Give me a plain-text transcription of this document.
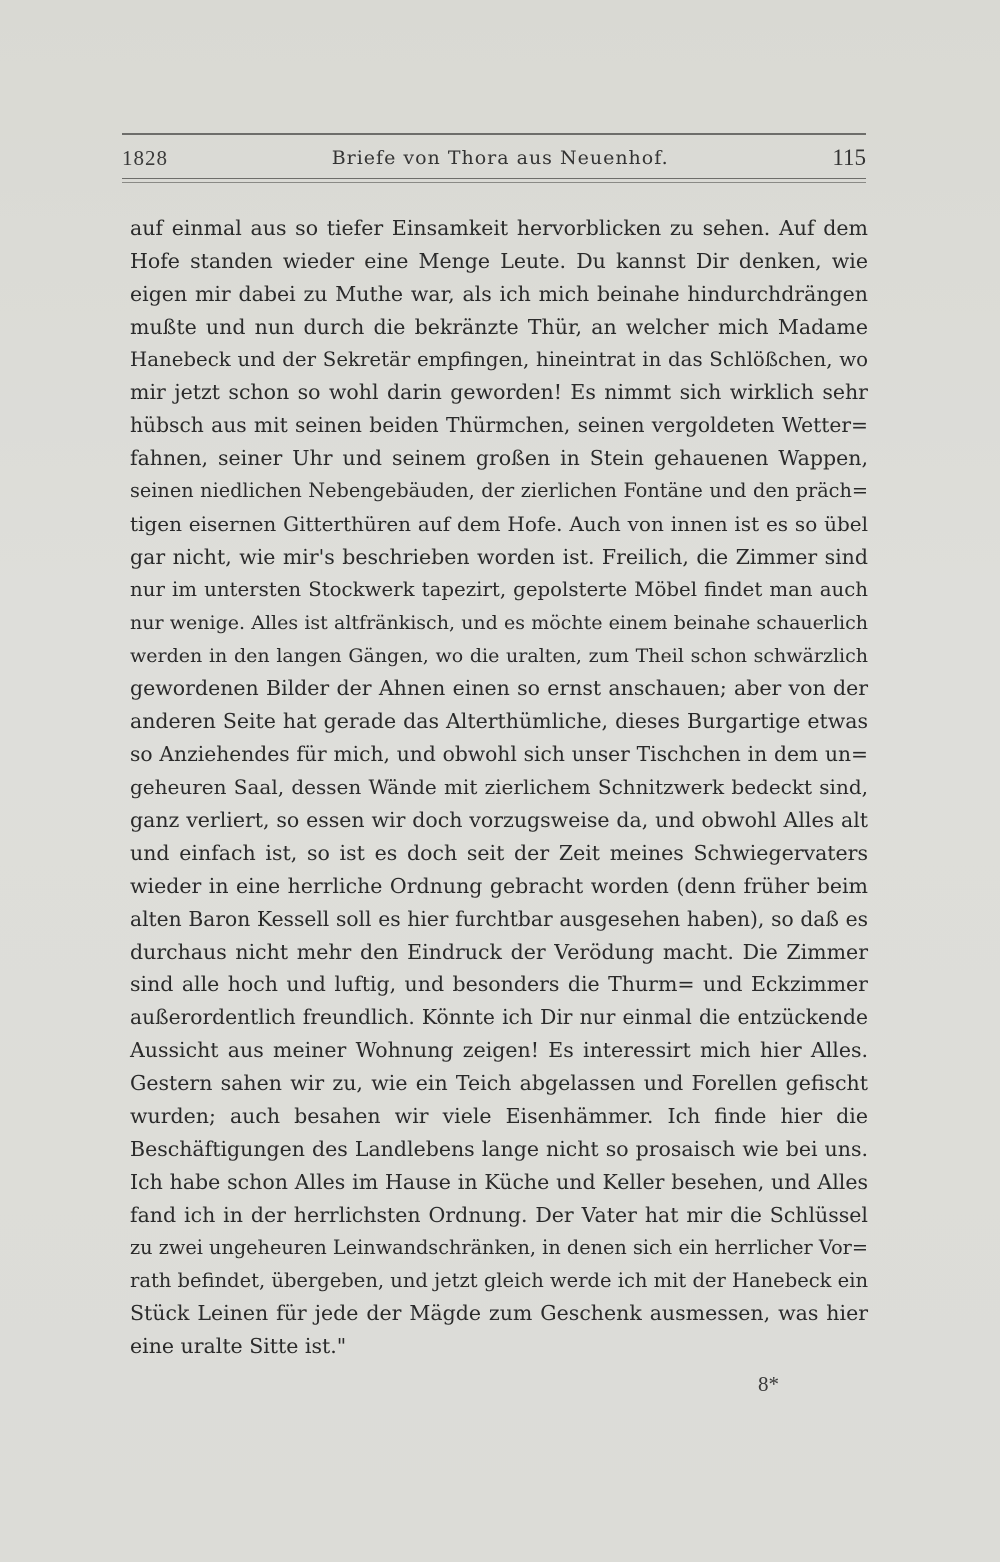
1828	Briefe von Thora aus Neuenhof.	115
auf einmal aus so tiefer Einsamkeit hervorblicken zu sehen. Auf dem
Hofe standen wieder eine Menge Leute. Du kannst Dir denken, wie
eigen mir dabei zu Muthe war, als ich mich beinahe hindurchdrängen
mußte und nun durch die bekränzte Thür, an welcher mich Madame
Hanebeck und der Sekretär empfingen, hineintrat in das Schlößchen, wo
mir jetzt schon so wohl darin geworden! Es nimmt sich wirklich sehr
hübsch aus mit seinen beiden Thürmchen, seinen vergoldeten Wetter=
fahnen, seiner Uhr und seinem großen in Stein gehauenen Wappen,
seinen niedlichen Nebengebäuden, der zierlichen Fontäne und den präch=
tigen eisernen Gitterthüren auf dem Hofe. Auch von innen ist es so übel
gar nicht, wie mir's beschrieben worden ist. Freilich, die Zimmer sind
nur im untersten Stockwerk tapezirt, gepolsterte Möbel findet man auch
nur wenige. Alles ist altfränkisch, und es möchte einem beinahe schauerlich
werden in den langen Gängen, wo die uralten, zum Theil schon schwärzlich
gewordenen Bilder der Ahnen einen so ernst anschauen; aber von der
anderen Seite hat gerade das Alterthümliche, dieses Burgartige etwas
so Anziehendes für mich, und obwohl sich unser Tischchen in dem un=
geheuren Saal, dessen Wände mit zierlichem Schnitzwerk bedeckt sind,
ganz verliert, so essen wir doch vorzugsweise da, und obwohl Alles alt
und einfach ist, so ist es doch seit der Zeit meines Schwiegervaters
wieder in eine herrliche Ordnung gebracht worden (denn früher beim
alten Baron Kessell soll es hier furchtbar ausgesehen haben), so daß es
durchaus nicht mehr den Eindruck der Verödung macht. Die Zimmer
sind alle hoch und luftig, und besonders die Thurm= und Eckzimmer
außerordentlich freundlich. Könnte ich Dir nur einmal die entzückende
Aussicht aus meiner Wohnung zeigen! Es interessirt mich hier Alles.
Gestern sahen wir zu, wie ein Teich abgelassen und Forellen gefischt
wurden; auch besahen wir viele Eisenhämmer. Ich finde hier die
Beschäftigungen des Landlebens lange nicht so prosaisch wie bei uns.
Ich habe schon Alles im Hause in Küche und Keller besehen, und Alles
fand ich in der herrlichsten Ordnung. Der Vater hat mir die Schlüssel
zu zwei ungeheuren Leinwandschränken, in denen sich ein herrlicher Vor=
rath befindet, übergeben, und jetzt gleich werde ich mit der Hanebeck ein
Stück Leinen für jede der Mägde zum Geschenk ausmessen, was hier
eine uralte Sitte ist."
8*
